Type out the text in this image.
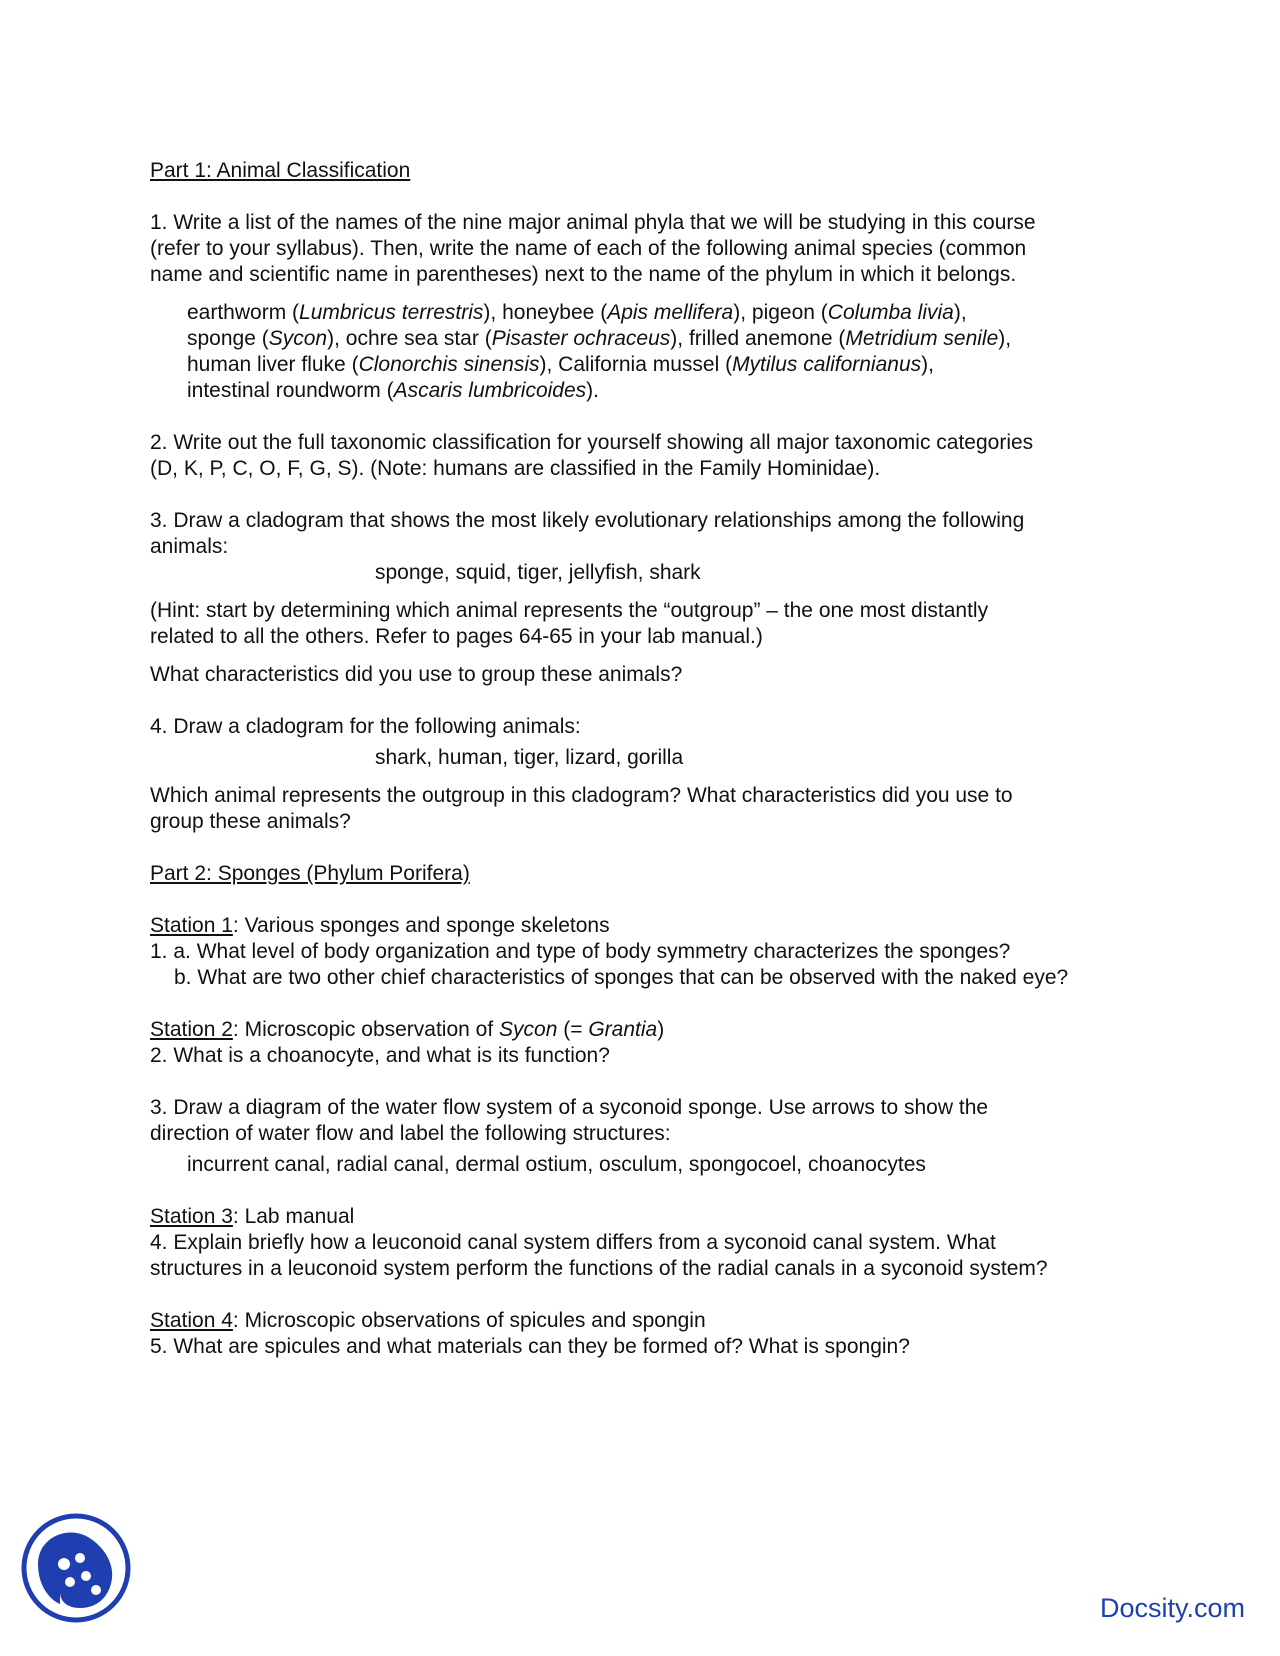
Part 1: Animal Classification

1. Write a list of the names of the nine major animal phyla that we will be studying in this course

(refer to your syllabus). Then, write the name of each of the following animal species (common

name and scientific name in parentheses) next to the name of the phylum in which it belongs.

earthworm (Lumbricus terrestris), honeybee (Apis mellifera), pigeon (Columba livia),

sponge (Sycon), ochre sea star (Pisaster ochraceus), frilled anemone (Metridium senile),

human liver fluke (Clonorchis sinensis), California mussel (Mytilus californianus),

intestinal roundworm (Ascaris lumbricoides).

2. Write out the full taxonomic classification for yourself showing all major taxonomic categories

(D, K, P, C, O, F, G, S). (Note: humans are classified in the Family Hominidae).

3. Draw a cladogram that shows the most likely evolutionary relationships among the following

animals:

sponge, squid, tiger, jellyfish, shark

(Hint: start by determining which animal represents the “outgroup” – the one most distantly

related to all the others. Refer to pages 64-65 in your lab manual.)

What characteristics did you use to group these animals?

4. Draw a cladogram for the following animals:

shark, human, tiger, lizard, gorilla

Which animal represents the outgroup in this cladogram? What characteristics did you use to

group these animals?

Part 2: Sponges (Phylum Porifera)

Station 1: Various sponges and sponge skeletons

1. a. What level of body organization and type of body symmetry characterizes the sponges?

b. What are two other chief characteristics of sponges that can be observed with the naked eye?

Station 2: Microscopic observation of Sycon (= Grantia)

2. What is a choanocyte, and what is its function?

3. Draw a diagram of the water flow system of a syconoid sponge. Use arrows to show the

direction of water flow and label the following structures:

incurrent canal, radial canal, dermal ostium, osculum, spongocoel, choanocytes

Station 3: Lab manual

4. Explain briefly how a leuconoid canal system differs from a syconoid canal system. What

structures in a leuconoid system perform the functions of the radial canals in a syconoid system?

Station 4: Microscopic observations of spicules and spongin

5. What are spicules and what materials can they be formed of? What is spongin?

Docsity.com
